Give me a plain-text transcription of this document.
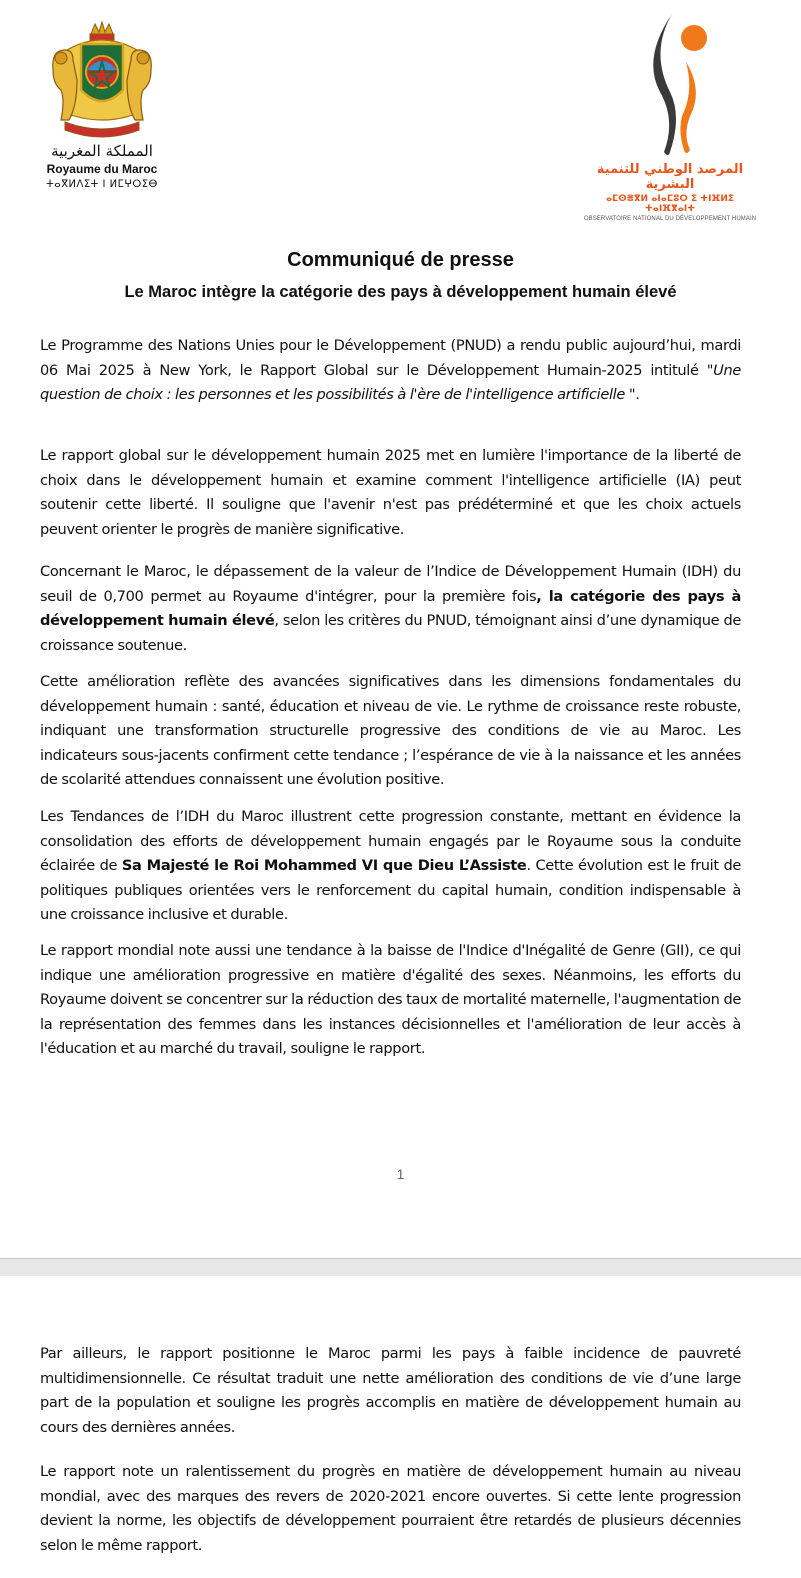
المملكة المغربية
Royaume du Maroc
ⵜⴰⴳⵍⴷⵉⵜ ⵏ ⵍⵎⵖⵔⵉⴱ
المرصد الوطني للتنمية البشرية
ⴰⵎⵙⴻⴳⵍ ⴰⵏⴰⵎⵓⵔ ⵉ ⵜⵏⴼⵍⵉ ⵜⴰⵏⴼⴳⴰⵏⵜ
OBSERVATOIRE NATIONAL DU DÉVELOPPEMENT HUMAIN
Communiqué de presse
Le Maroc intègre la catégorie des pays à développement humain élevé

Le Programme des Nations Unies pour le Développement (PNUD) a rendu public aujourd’hui, mardi 06 Mai 2025 à New York, le Rapport Global sur le Développement Humain-2025 intitulé "Une question de choix : les personnes et les possibilités à l'ère de l'intelligence artificielle ".

Le rapport global sur le développement humain 2025 met en lumière l'importance de la liberté de choix dans le développement humain et examine comment l'intelligence artificielle (IA) peut soutenir cette liberté. Il souligne que l'avenir n'est pas prédéterminé et que les choix actuels peuvent orienter le progrès de manière significative.

Concernant le Maroc, le dépassement de la valeur de l’Indice de Développement Humain (IDH) du seuil de 0,700 permet au Royaume d'intégrer, pour la première fois, la catégorie des pays à développement humain élevé, selon les critères du PNUD, témoignant ainsi d’une dynamique de croissance soutenue.

Cette amélioration reflète des avancées significatives dans les dimensions fondamentales du développement humain : santé, éducation et niveau de vie. Le rythme de croissance reste robuste, indiquant une transformation structurelle progressive des conditions de vie au Maroc. Les indicateurs sous-jacents confirment cette tendance ; l’espérance de vie à la naissance et les années de scolarité attendues connaissent une évolution positive.

Les Tendances de l’IDH du Maroc illustrent cette progression constante, mettant en évidence la consolidation des efforts de développement humain engagés par le Royaume sous la conduite éclairée de Sa Majesté le Roi Mohammed VI que Dieu L’Assiste. Cette évolution est le fruit de politiques publiques orientées vers le renforcement du capital humain, condition indispensable à une croissance inclusive et durable.

Le rapport mondial note aussi une tendance à la baisse de l'Indice d'Inégalité de Genre (GII), ce qui indique une amélioration progressive en matière d'égalité des sexes. Néanmoins, les efforts du Royaume doivent se concentrer sur la réduction des taux de mortalité maternelle, l'augmentation de la représentation des femmes dans les instances décisionnelles et l'amélioration de leur accès à l'éducation et au marché du travail, souligne le rapport.

1

Par ailleurs, le rapport positionne le Maroc parmi les pays à faible incidence de pauvreté multidimensionnelle. Ce résultat traduit une nette amélioration des conditions de vie d’une large part de la population et souligne les progrès accomplis en matière de développement humain au cours des dernières années.

Le rapport note un ralentissement du progrès en matière de développement humain au niveau mondial, avec des marques des revers de 2020-2021 encore ouvertes. Si cette lente progression devient la norme, les objectifs de développement pourraient être retardés de plusieurs décennies selon le même rapport.
